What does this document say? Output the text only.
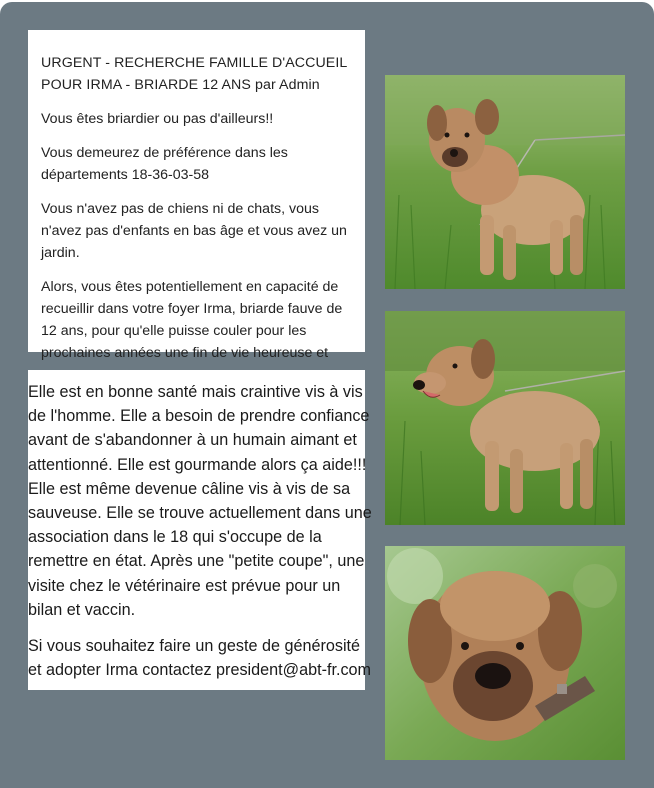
URGENT - RECHERCHE FAMILLE D'ACCUEIL
POUR IRMA - BRIARDE 12 ANS par Admin

Vous êtes briardier ou pas d'ailleurs!!

Vous demeurez de préférence dans les départements 18-36-03-58

Vous n'avez pas de chiens ni de chats, vous n'avez pas d'enfants en bas âge et vous avez un jardin.

Alors, vous êtes potentiellement en capacité de recueillir dans votre foyer Irma, briarde fauve de 12 ans, pour qu'elle puisse couler pour les prochaines années une fin de vie heureuse et

Elle est en bonne santé mais craintive vis à vis de l'homme. Elle a besoin de prendre confiance avant de s'abandonner à un humain aimant et attentionné. Elle est gourmande alors ça aide!!! Elle est même devenue câline vis à vis de sa sauveuse. Elle se trouve actuellement dans une association dans le 18 qui s'occupe de la remettre en état. Après une "petite coupe", une visite chez le vétérinaire est prévue pour un bilan et vaccin.

Si vous souhaitez faire un geste de générosité et adopter Irma contactez president@abt-fr.com
